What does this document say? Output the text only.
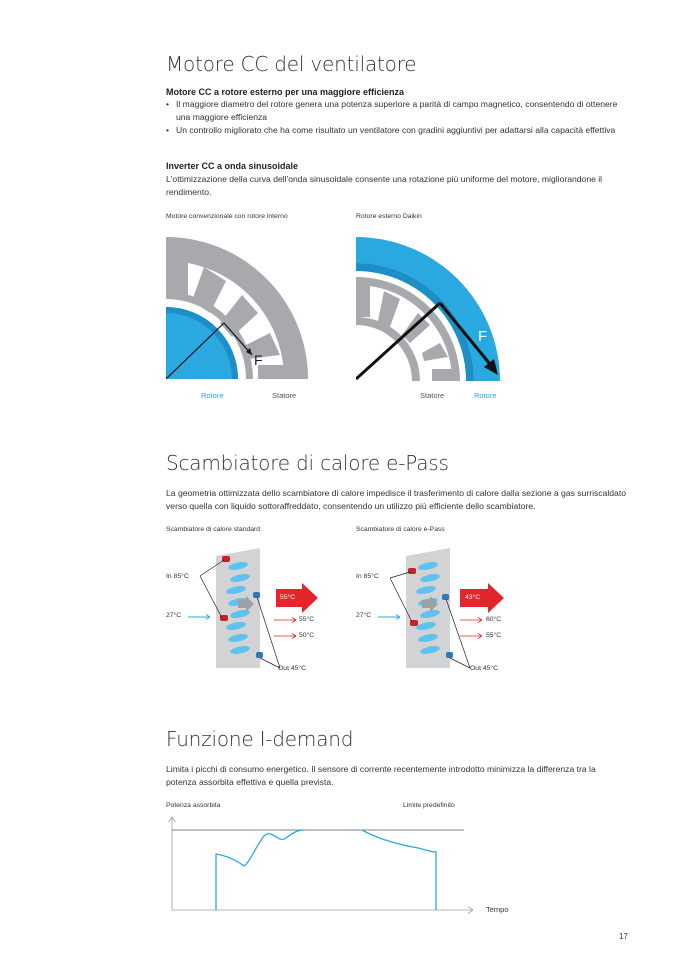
Motore CC del ventilatore
Motore CC a rotore esterno per una maggiore efficienza
• Il maggiore diametro del rotore genera una potenza superiore a parità di campo magnetico, consentendo di ottenere una maggiore efficienza
• Un controllo migliorato che ha come risultato un ventilatore con gradini aggiuntivi per adattarsi alla capacità effettiva
Inverter CC a onda sinusoidale
L'ottimizzazione della curva dell'onda sinusoidale consente una rotazione più uniforme del motore, migliorandone il rendimento.
Motore convenzionale con rotore interno	Rotore esterno Daikin
F
Rotore	Statore
F
Statore	Rotore
Scambiatore di calore e-Pass
La geometria ottimizzata dello scambiatore di calore impedisce il trasferimento di calore dalla sezione a gas surriscaldato verso quella con liquido sottoraffreddato, consentendo un utilizzo più efficiente dello scambiatore.
Scambiatore di calore standard	Scambiatore di calore e-Pass
In 85°C
27°C
55°C
55°C
50°C
Out 45°C
In 85°C
27°C
43°C
60°C
55°C
Out 45°C
Funzione I-demand
Limita i picchi di consumo energetico. Il sensore di corrente recentemente introdotto minimizza la differenza tra la potenza assorbita effettiva e quella prevista.
Potenza assorbita	Limite predefinito
Tempo
17
